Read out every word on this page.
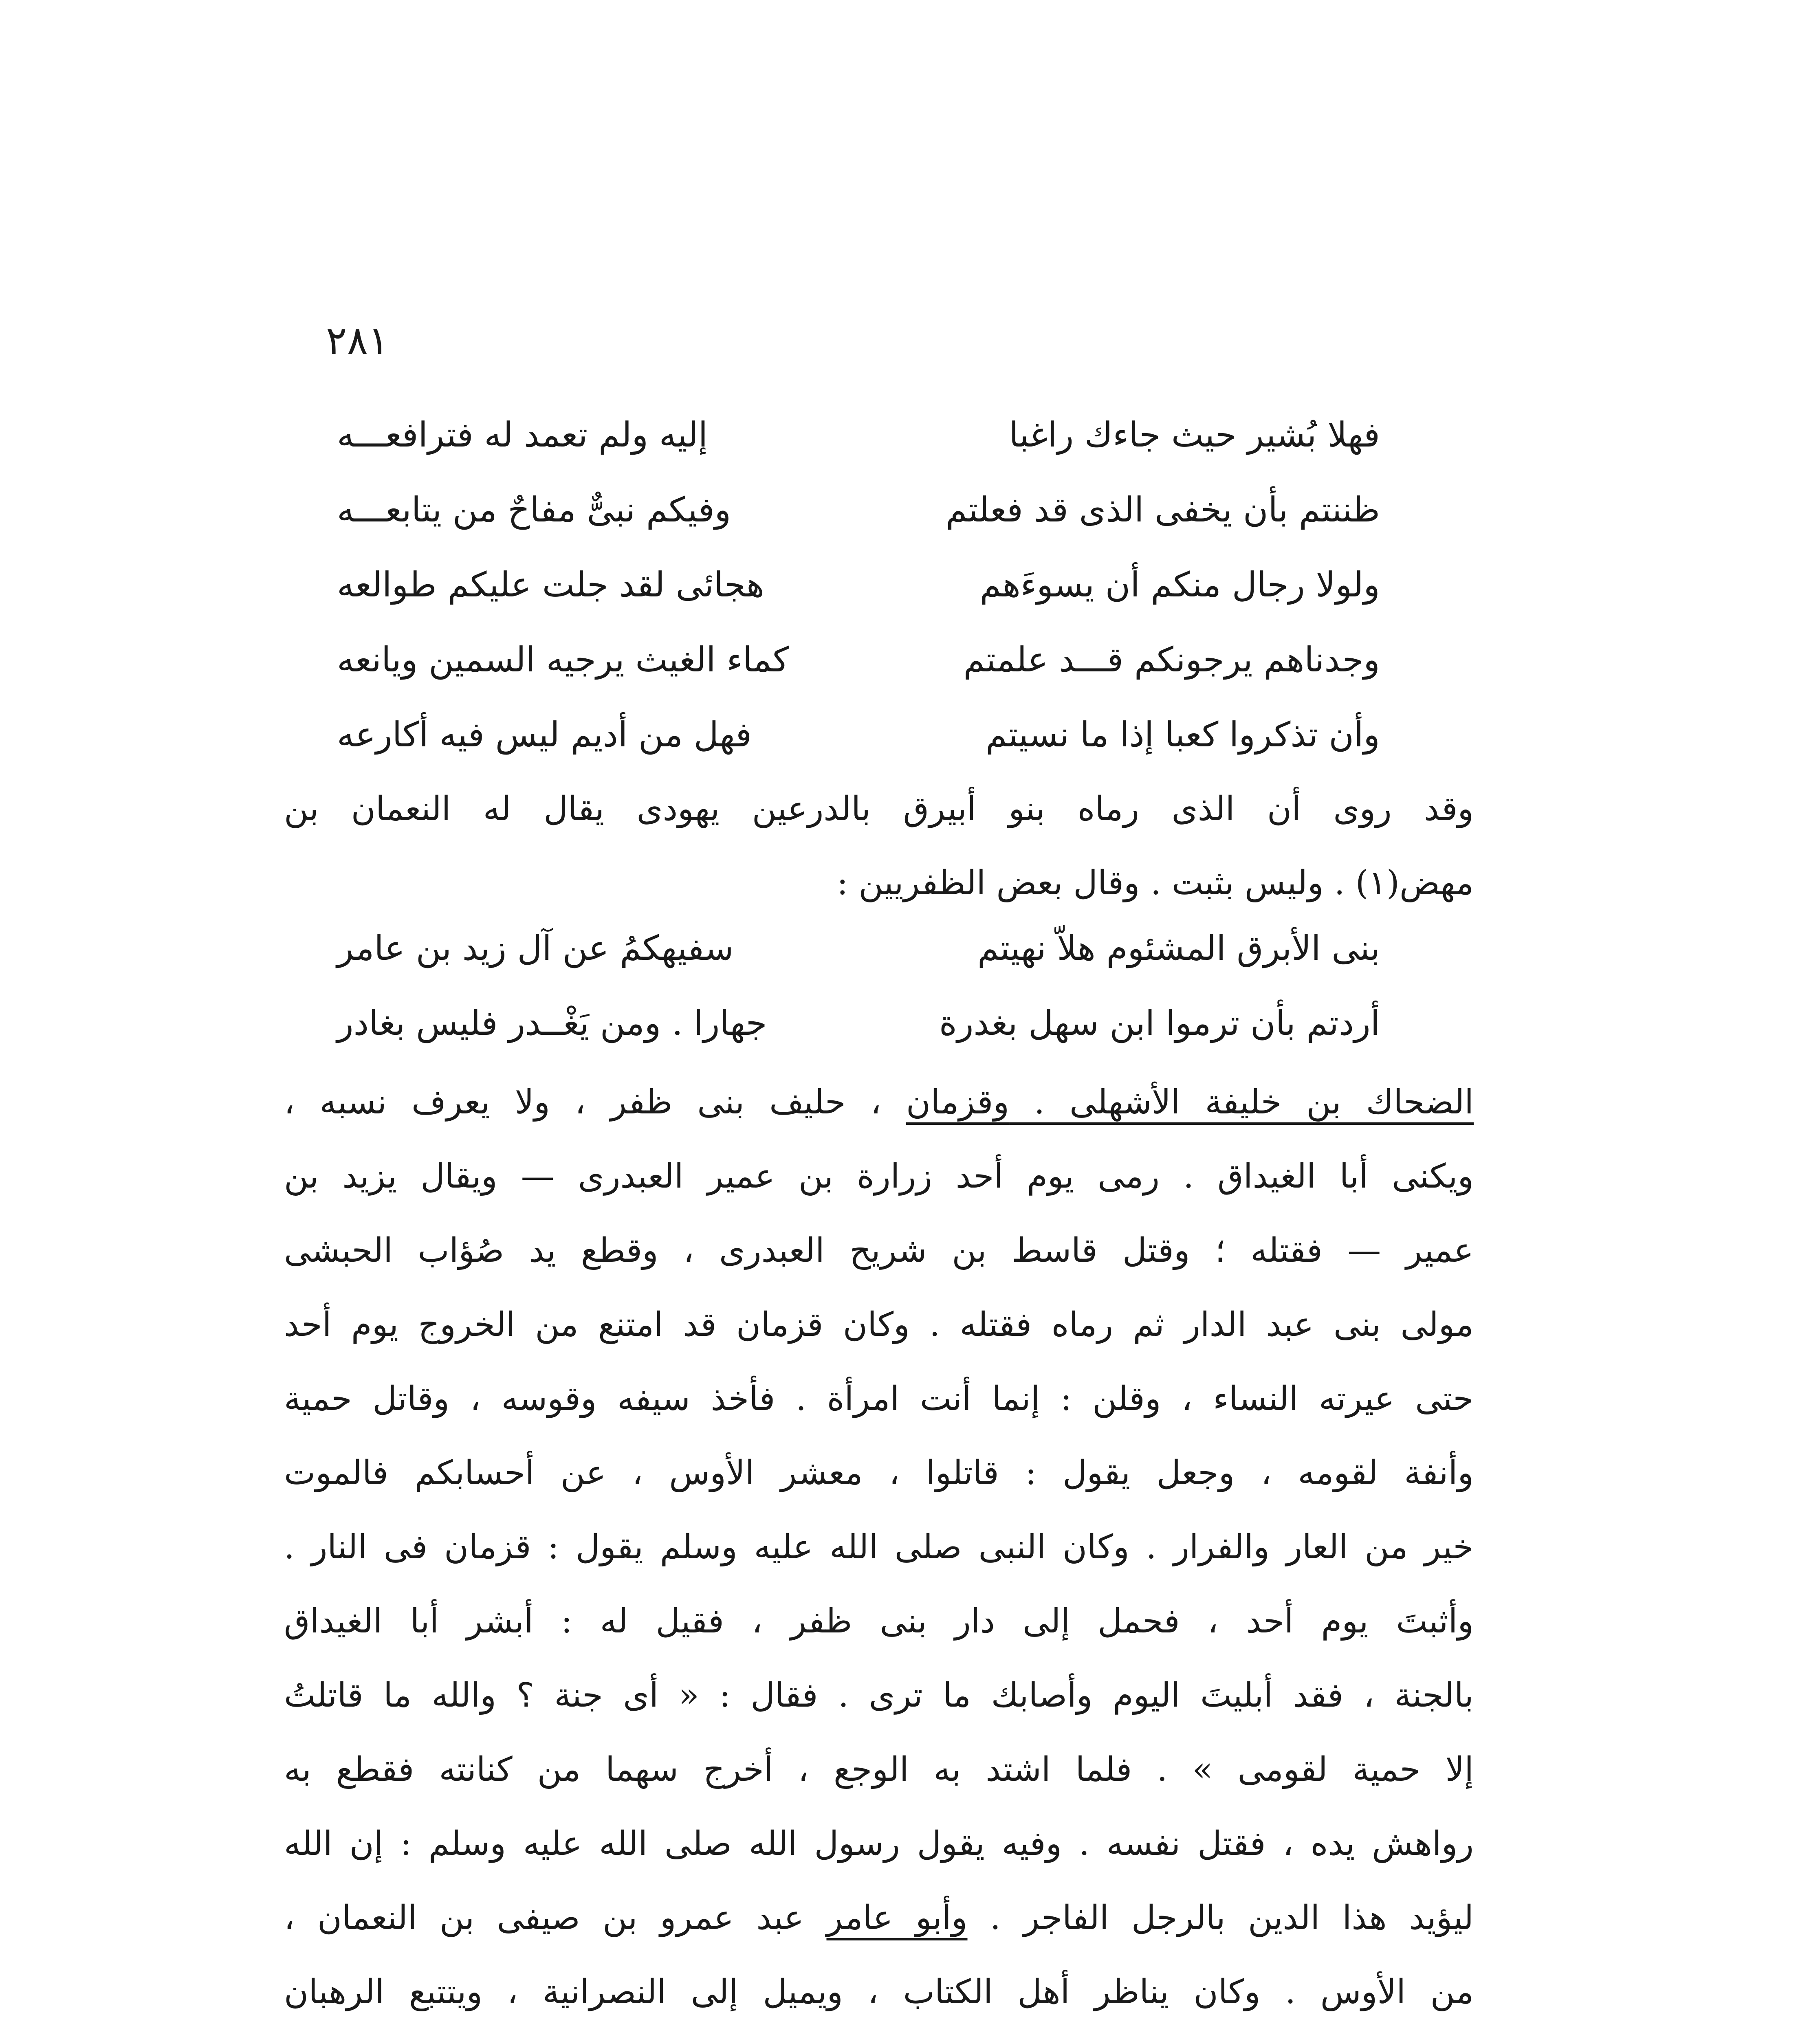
٢٨١
فهلا بُشير حيث جاءك راغبا
إليه ولم تعمد له فترافعـــه
ظننتم بأن يخفى الذى قد فعلتم
وفيكم نبىٌّ مفاحٌ من يتابعـــه
ولولا رجال منكم أن يسوءَهم
هجائى لقد جلت عليكم طوالعه
وجدناهم يرجونكم قـــد علمتم
كماء الغيث يرجيه السمين ويانعه
وأن تذكروا كعبا إذا ما نسيتم
فهل من أديم ليس فيه أكارعه
وقد روى أن الذى رماه بنو أبيرق بالدرعين يهودى يقال له النعمان بن
مهض(١) . وليس بثبت . وقال بعض الظفريين :
بنى الأبرق المشئوم هلاّ نهيتم
سفيهكمُ عن آل زيد بن عامر
أردتم بأن ترموا ابن سهل بغدرة
جهارا . ومن يَغْــدر فليس بغادر
الضحاك بن خليفة الأشهلى . وقزمان ، حليف بنى ظفر ، ولا يعرف نسبه ،
ويكنى أبا الغيداق . رمى يوم أحد زرارة بن عمير العبدرى — ويقال يزيد بن
عمير — فقتله ؛ وقتل قاسط بن شريح العبدرى ، وقطع يد صُؤاب الحبشى
مولى بنى عبد الدار ثم رماه فقتله . وكان قزمان قد امتنع من الخروج يوم أحد
حتى عيرته النساء ، وقلن : إنما أنت امرأة . فأخذ سيفه وقوسه ، وقاتل حمية
وأنفة لقومه ، وجعل يقول : قاتلوا ، معشر الأوس ، عن أحسابكم فالموت
خير من العار والفرار . وكان النبى صلى الله عليه وسلم يقول : قزمان فى النار .
وأثبتَ يوم أحد ، فحمل إلى دار بنى ظفر ، فقيل له : أبشر أبا الغيداق
بالجنة ، فقد أبليتَ اليوم وأصابك ما ترى . فقال : « أى جنة ؟ والله ما قاتلتُ
إلا حمية لقومى » . فلما اشتد به الوجع ، أخرج سهما من كنانته فقطع به
رواهش يده ، فقتل نفسه . وفيه يقول رسول الله صلى الله عليه وسلم : إن الله
ليؤيد هذا الدين بالرجل الفاجر . وأبو عامر عبد عمرو بن صيفى بن النعمان ،
من الأوس . وكان يناظر أهل الكتاب ، ويميل إلى النصرانية ، ويتتبع الرهبان
